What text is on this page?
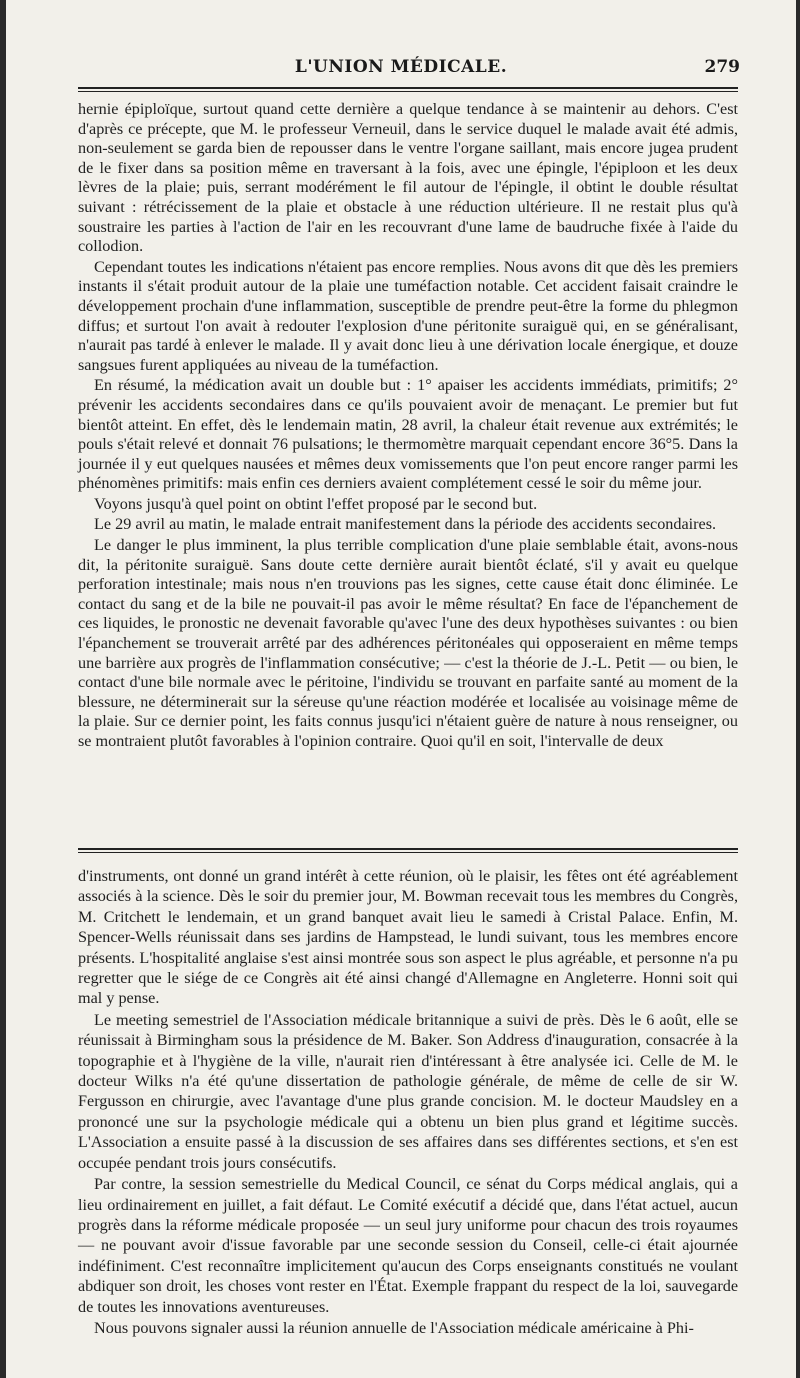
L'UNION MÉDICALE.	279

hernie épiploïque, surtout quand cette dernière a quelque tendance à se maintenir au dehors. C'est d'après ce précepte, que M. le professeur Verneuil, dans le service duquel le malade avait été admis, non-seulement se garda bien de repousser dans le ventre l'organe saillant, mais encore jugea prudent de le fixer dans sa position même en traversant à la fois, avec une épingle, l'épiploon et les deux lèvres de la plaie; puis, serrant modérément le fil autour de l'épingle, il obtint le double résultat suivant : rétrécissement de la plaie et obstacle à une réduction ultérieure. Il ne restait plus qu'à soustraire les parties à l'action de l'air en les recouvrant d'une lame de baudruche fixée à l'aide du collodion.

Cependant toutes les indications n'étaient pas encore remplies. Nous avons dit que dès les premiers instants il s'était produit autour de la plaie une tuméfaction notable. Cet accident faisait craindre le développement prochain d'une inflammation, susceptible de prendre peut-être la forme du phlegmon diffus; et surtout l'on avait à redouter l'explosion d'une péritonite suraiguë qui, en se généralisant, n'aurait pas tardé à enlever le malade. Il y avait donc lieu à une dérivation locale énergique, et douze sangsues furent appliquées au niveau de la tuméfaction.

En résumé, la médication avait un double but : 1° apaiser les accidents immédiats, primitifs; 2° prévenir les accidents secondaires dans ce qu'ils pouvaient avoir de menaçant. Le premier but fut bientôt atteint. En effet, dès le lendemain matin, 28 avril, la chaleur était revenue aux extrémités; le pouls s'était relevé et donnait 76 pulsations; le thermomètre marquait cependant encore 36°5. Dans la journée il y eut quelques nausées et mêmes deux vomissements que l'on peut encore ranger parmi les phénomènes primitifs: mais enfin ces derniers avaient complétement cessé le soir du même jour.

Voyons jusqu'à quel point on obtint l'effet proposé par le second but.

Le 29 avril au matin, le malade entrait manifestement dans la période des accidents secondaires.

Le danger le plus imminent, la plus terrible complication d'une plaie semblable était, avons-nous dit, la péritonite suraiguë. Sans doute cette dernière aurait bientôt éclaté, s'il y avait eu quelque perforation intestinale; mais nous n'en trouvions pas les signes, cette cause était donc éliminée. Le contact du sang et de la bile ne pouvait-il pas avoir le même résultat? En face de l'épanchement de ces liquides, le pronostic ne devenait favorable qu'avec l'une des deux hypothèses suivantes : ou bien l'épanchement se trouverait arrêté par des adhérences péritonéales qui opposeraient en même temps une barrière aux progrès de l'inflammation consécutive; — c'est la théorie de J.-L. Petit — ou bien, le contact d'une bile normale avec le péritoine, l'individu se trouvant en parfaite santé au moment de la blessure, ne déterminerait sur la séreuse qu'une réaction modérée et localisée au voisinage même de la plaie. Sur ce dernier point, les faits connus jusqu'ici n'étaient guère de nature à nous renseigner, ou se montraient plutôt favorables à l'opinion contraire. Quoi qu'il en soit, l'intervalle de deux

d'instruments, ont donné un grand intérêt à cette réunion, où le plaisir, les fêtes ont été agréablement associés à la science. Dès le soir du premier jour, M. Bowman recevait tous les membres du Congrès, M. Critchett le lendemain, et un grand banquet avait lieu le samedi à Cristal Palace. Enfin, M. Spencer-Wells réunissait dans ses jardins de Hampstead, le lundi suivant, tous les membres encore présents. L'hospitalité anglaise s'est ainsi montrée sous son aspect le plus agréable, et personne n'a pu regretter que le siége de ce Congrès ait été ainsi changé d'Allemagne en Angleterre. Honni soit qui mal y pense.

Le meeting semestriel de l'Association médicale britannique a suivi de près. Dès le 6 août, elle se réunissait à Birmingham sous la présidence de M. Baker. Son Address d'inauguration, consacrée à la topographie et à l'hygiène de la ville, n'aurait rien d'intéressant à être analysée ici. Celle de M. le docteur Wilks n'a été qu'une dissertation de pathologie générale, de même de celle de sir W. Fergusson en chirurgie, avec l'avantage d'une plus grande concision. M. le docteur Maudsley en a prononcé une sur la psychologie médicale qui a obtenu un bien plus grand et légitime succès. L'Association a ensuite passé à la discussion de ses affaires dans ses différentes sections, et s'en est occupée pendant trois jours consécutifs.

Par contre, la session semestrielle du Medical Council, ce sénat du Corps médical anglais, qui a lieu ordinairement en juillet, a fait défaut. Le Comité exécutif a décidé que, dans l'état actuel, aucun progrès dans la réforme médicale proposée — un seul jury uniforme pour chacun des trois royaumes — ne pouvant avoir d'issue favorable par une seconde session du Conseil, celle-ci était ajournée indéfiniment. C'est reconnaître implicitement qu'aucun des Corps enseignants constitués ne voulant abdiquer son droit, les choses vont rester en l'État. Exemple frappant du respect de la loi, sauvegarde de toutes les innovations aventureuses.

Nous pouvons signaler aussi la réunion annuelle de l'Association médicale américaine à Phi-
